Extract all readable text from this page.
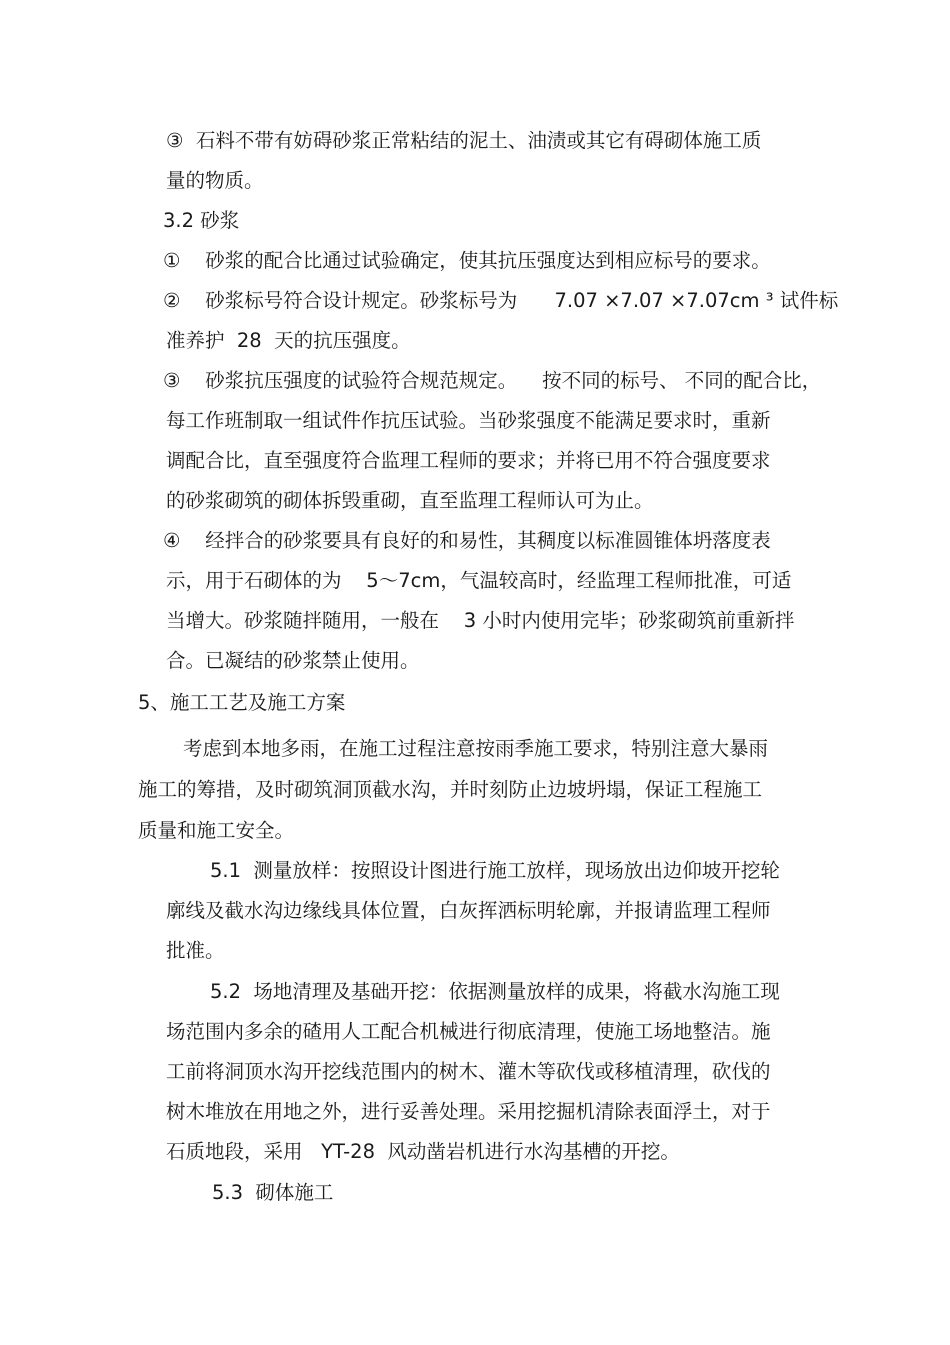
③  石料不带有妨碍砂浆正常粘结的泥土、油渍或其它有碍砌体施工质
量的物质。
3.2 砂浆
①    砂浆的配合比通过试验确定，使其抗压强度达到相应标号的要求。
②    砂浆标号符合设计规定。砂浆标号为      7.07 ×7.07 ×7.07cm ³ 试件标
准养护  28  天的抗压强度。
③    砂浆抗压强度的试验符合规范规定。    按不同的标号、 不同的配合比，
每工作班制取一组试件作抗压试验。当砂浆强度不能满足要求时，重新
调配合比，直至强度符合监理工程师的要求；并将已用不符合强度要求
的砂浆砌筑的砌体拆毁重砌，直至监理工程师认可为止。
④    经拌合的砂浆要具有良好的和易性，其稠度以标准圆锥体坍落度表
示，用于石砌体的为    5～7cm，气温较高时，经监理工程师批准，可适
当增大。砂浆随拌随用，一般在    3 小时内使用完毕；砂浆砌筑前重新拌
合。已凝结的砂浆禁止使用。
5、施工工艺及施工方案
考虑到本地多雨，在施工过程注意按雨季施工要求，特别注意大暴雨
施工的筹措，及时砌筑洞顶截水沟，并时刻防止边坡坍塌，保证工程施工
质量和施工安全。
5.1  测量放样：按照设计图进行施工放样，现场放出边仰坡开挖轮
廓线及截水沟边缘线具体位置，白灰挥洒标明轮廓，并报请监理工程师
批准。
5.2  场地清理及基础开挖：依据测量放样的成果，将截水沟施工现
场范围内多余的碴用人工配合机械进行彻底清理，使施工场地整洁。施
工前将洞顶水沟开挖线范围内的树木、灌木等砍伐或移植清理，砍伐的
树木堆放在用地之外，进行妥善处理。采用挖掘机清除表面浮土，对于
石质地段，采用   YT-28  风动凿岩机进行水沟基槽的开挖。
5.3  砌体施工
